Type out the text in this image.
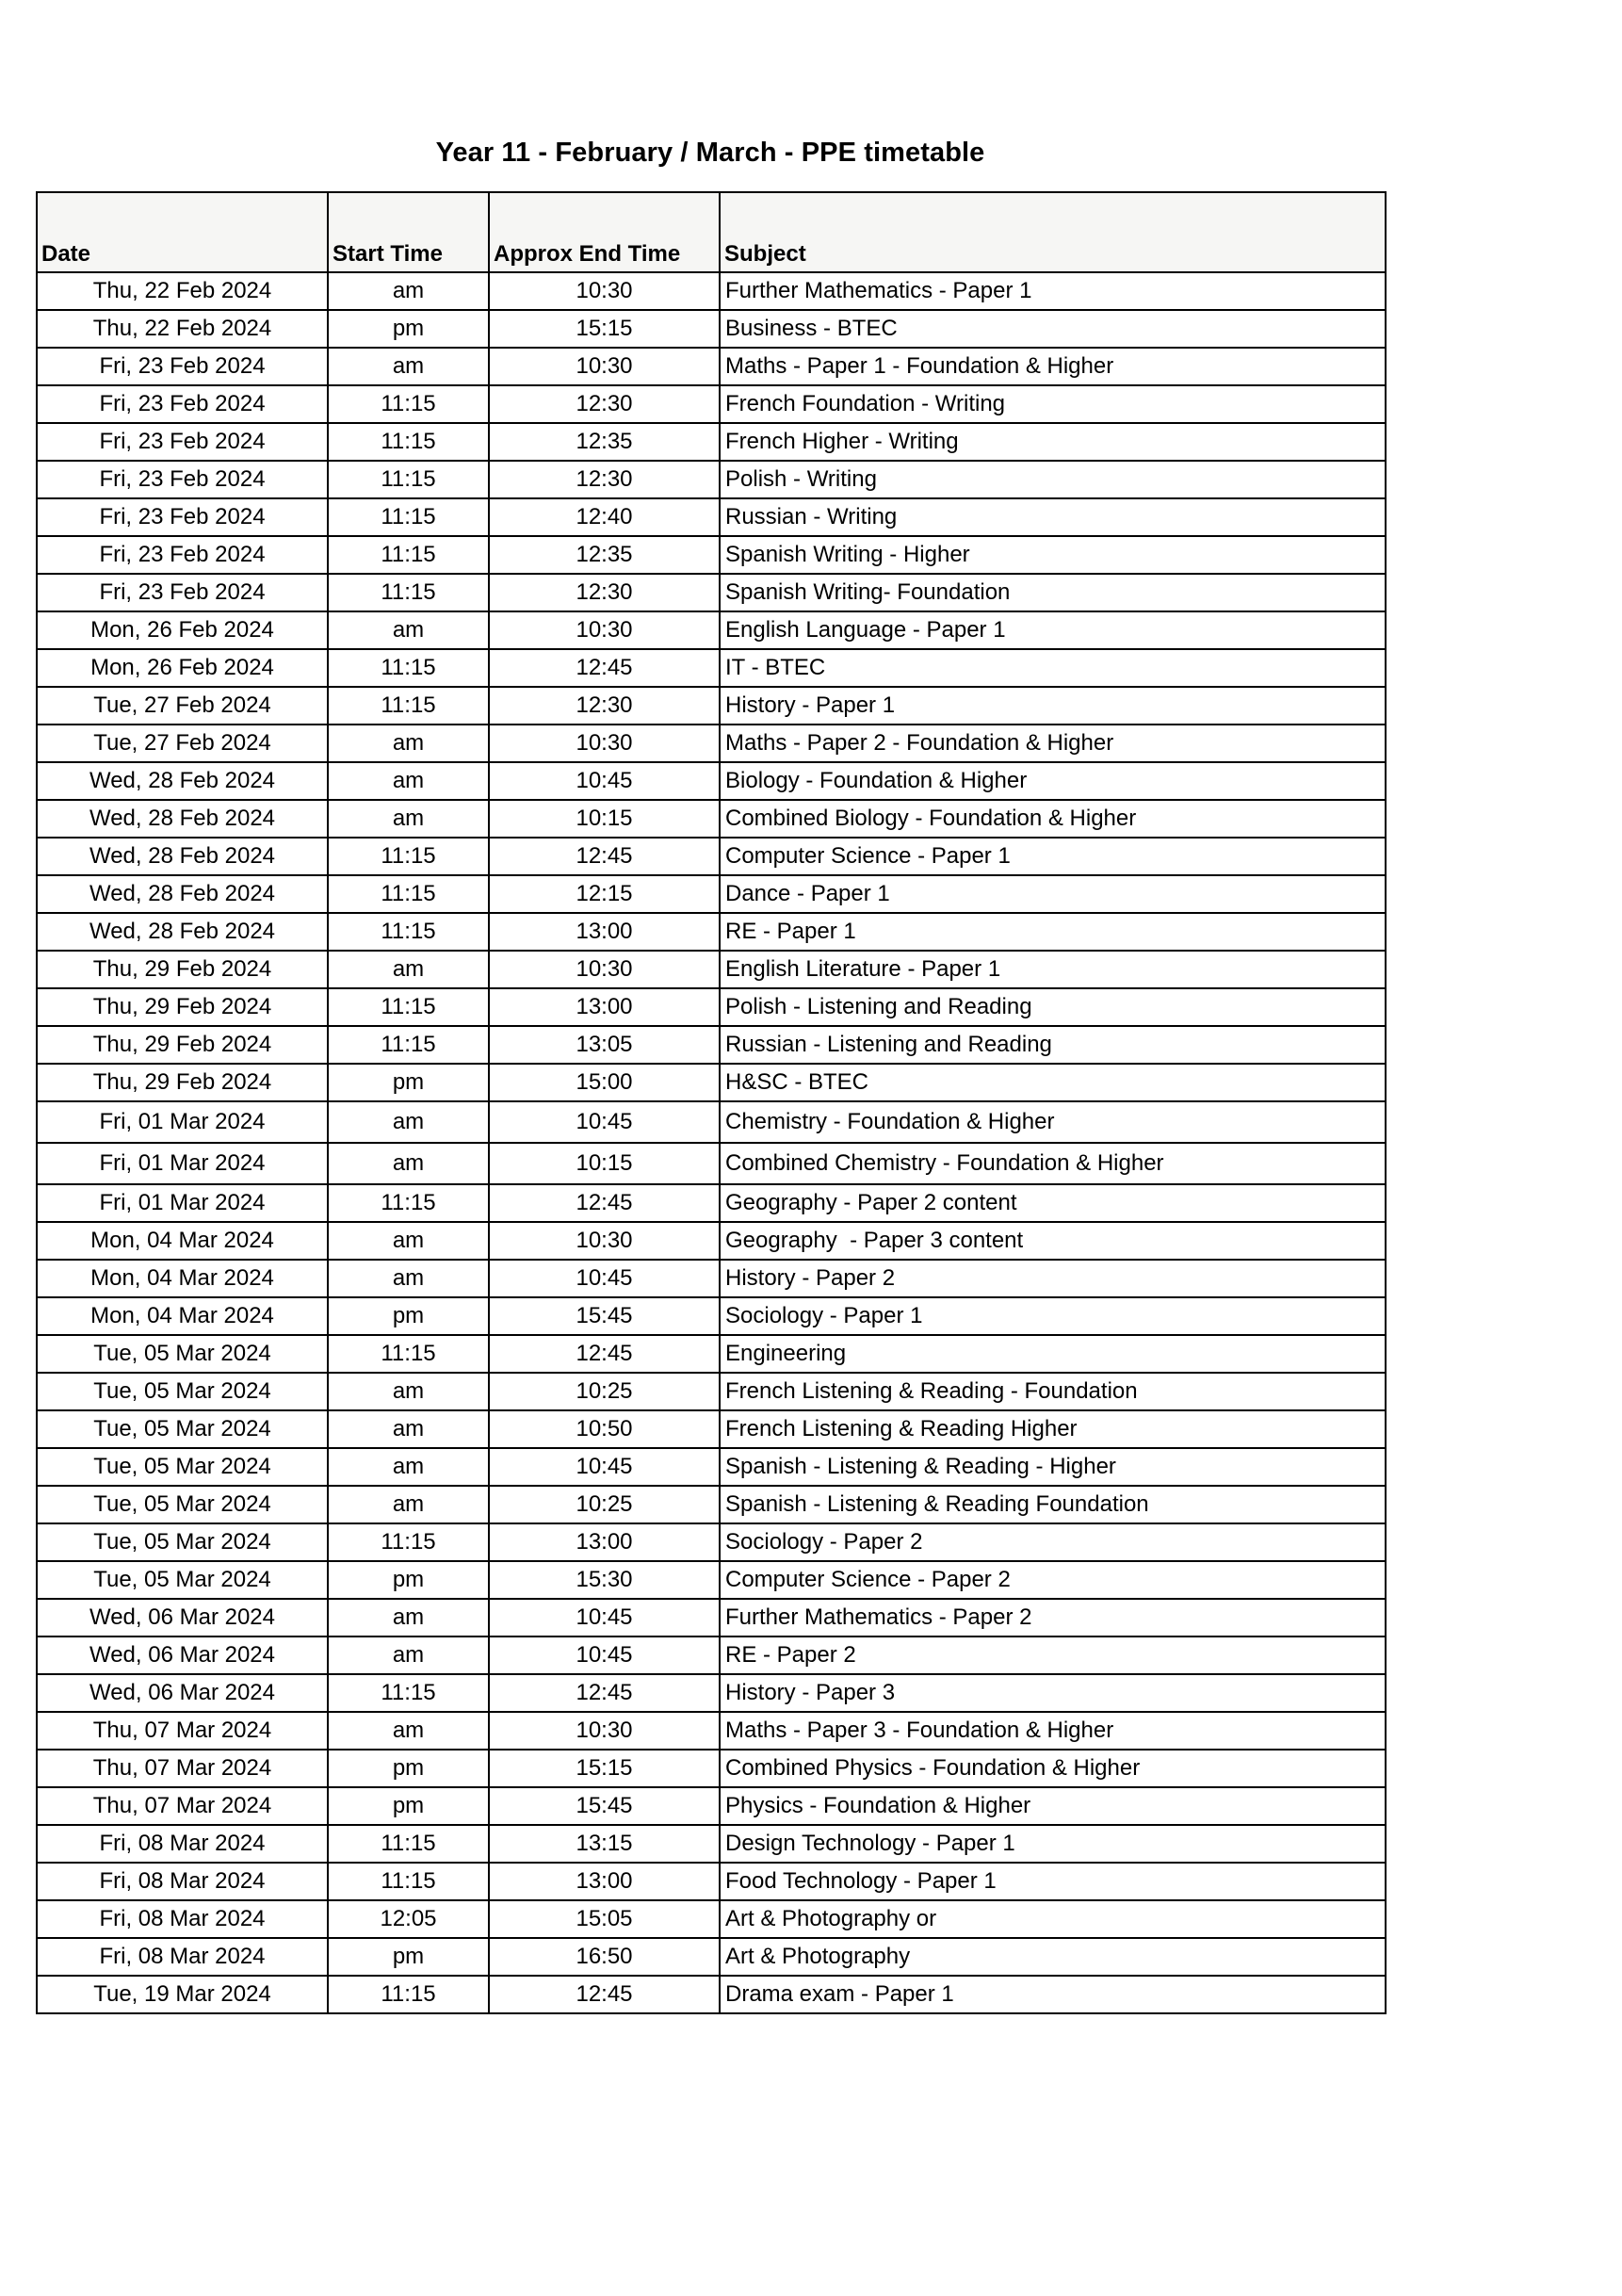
Year 11 - February / March - PPE timetable
Date	Start Time	Approx End Time	Subject
Thu, 22 Feb 2024	am	10:30	Further Mathematics - Paper 1
Thu, 22 Feb 2024	pm	15:15	Business - BTEC
Fri, 23 Feb 2024	am	10:30	Maths - Paper 1 - Foundation & Higher
Fri, 23 Feb 2024	11:15	12:30	French Foundation - Writing
Fri, 23 Feb 2024	11:15	12:35	French Higher - Writing
Fri, 23 Feb 2024	11:15	12:30	Polish - Writing
Fri, 23 Feb 2024	11:15	12:40	Russian - Writing
Fri, 23 Feb 2024	11:15	12:35	Spanish Writing - Higher
Fri, 23 Feb 2024	11:15	12:30	Spanish Writing- Foundation
Mon, 26 Feb 2024	am	10:30	English Language - Paper 1
Mon, 26 Feb 2024	11:15	12:45	IT - BTEC
Tue, 27 Feb 2024	11:15	12:30	History - Paper 1
Tue, 27 Feb 2024	am	10:30	Maths - Paper 2 - Foundation & Higher
Wed, 28 Feb 2024	am	10:45	Biology - Foundation & Higher
Wed, 28 Feb 2024	am	10:15	Combined Biology - Foundation & Higher
Wed, 28 Feb 2024	11:15	12:45	Computer Science - Paper 1
Wed, 28 Feb 2024	11:15	12:15	Dance - Paper 1
Wed, 28 Feb 2024	11:15	13:00	RE - Paper 1
Thu, 29 Feb 2024	am	10:30	English Literature - Paper 1
Thu, 29 Feb 2024	11:15	13:00	Polish - Listening and Reading
Thu, 29 Feb 2024	11:15	13:05	Russian - Listening and Reading
Thu, 29 Feb 2024	pm	15:00	H&SC - BTEC
Fri, 01 Mar 2024	am	10:45	Chemistry - Foundation & Higher
Fri, 01 Mar 2024	am	10:15	Combined Chemistry - Foundation & Higher
Fri, 01 Mar 2024	11:15	12:45	Geography - Paper 2 content
Mon, 04 Mar 2024	am	10:30	Geography  - Paper 3 content
Mon, 04 Mar 2024	am	10:45	History - Paper 2
Mon, 04 Mar 2024	pm	15:45	Sociology - Paper 1
Tue, 05 Mar 2024	11:15	12:45	Engineering
Tue, 05 Mar 2024	am	10:25	French Listening & Reading - Foundation
Tue, 05 Mar 2024	am	10:50	French Listening & Reading Higher
Tue, 05 Mar 2024	am	10:45	Spanish - Listening & Reading - Higher
Tue, 05 Mar 2024	am	10:25	Spanish - Listening & Reading Foundation
Tue, 05 Mar 2024	11:15	13:00	Sociology - Paper 2
Tue, 05 Mar 2024	pm	15:30	Computer Science - Paper 2
Wed, 06 Mar 2024	am	10:45	Further Mathematics - Paper 2
Wed, 06 Mar 2024	am	10:45	RE - Paper 2
Wed, 06 Mar 2024	11:15	12:45	History - Paper 3
Thu, 07 Mar 2024	am	10:30	Maths - Paper 3 - Foundation & Higher
Thu, 07 Mar 2024	pm	15:15	Combined Physics - Foundation & Higher
Thu, 07 Mar 2024	pm	15:45	Physics - Foundation & Higher
Fri, 08 Mar 2024	11:15	13:15	Design Technology - Paper 1
Fri, 08 Mar 2024	11:15	13:00	Food Technology - Paper 1
Fri, 08 Mar 2024	12:05	15:05	Art & Photography or
Fri, 08 Mar 2024	pm	16:50	Art & Photography
Tue, 19 Mar 2024	11:15	12:45	Drama exam - Paper 1
